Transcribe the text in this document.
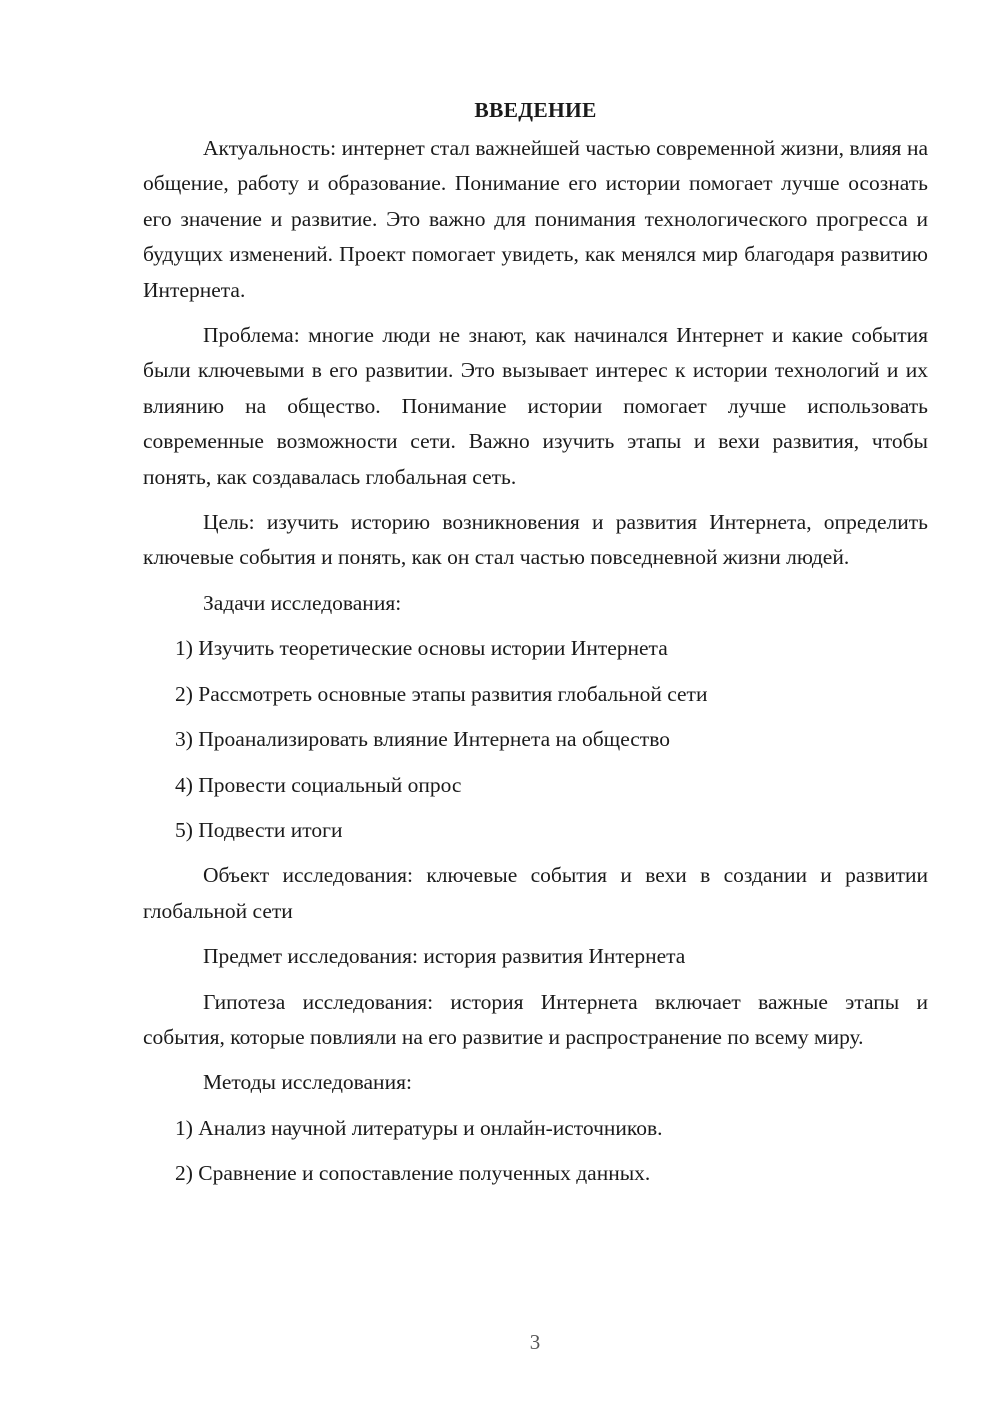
ВВЕДЕНИЕ

Актуальность: интернет стал важнейшей частью современной жизни, влияя на общение, работу и образование. Понимание его истории помогает лучше осознать его значение и развитие. Это важно для понимания технологического прогресса и будущих изменений. Проект помогает увидеть, как менялся мир благодаря развитию Интернета.

Проблема: многие люди не знают, как начинался Интернет и какие события были ключевыми в его развитии. Это вызывает интерес к истории технологий и их влиянию на общество. Понимание истории помогает лучше использовать современные возможности сети. Важно изучить этапы и вехи развития, чтобы понять, как создавалась глобальная сеть.

Цель: изучить историю возникновения и развития Интернета, определить ключевые события и понять, как он стал частью повседневной жизни людей.

Задачи исследования:

1) Изучить теоретические основы истории Интернета

2) Рассмотреть основные этапы развития глобальной сети

3) Проанализировать влияние Интернета на общество

4) Провести социальный опрос

5) Подвести итоги

Объект исследования: ключевые события и вехи в создании и развитии глобальной сети

Предмет исследования: история развития Интернета

Гипотеза исследования: история Интернета включает важные этапы и события, которые повлияли на его развитие и распространение по всему миру.

Методы исследования:

1) Анализ научной литературы и онлайн-источников.

2) Сравнение и сопоставление полученных данных.

3
